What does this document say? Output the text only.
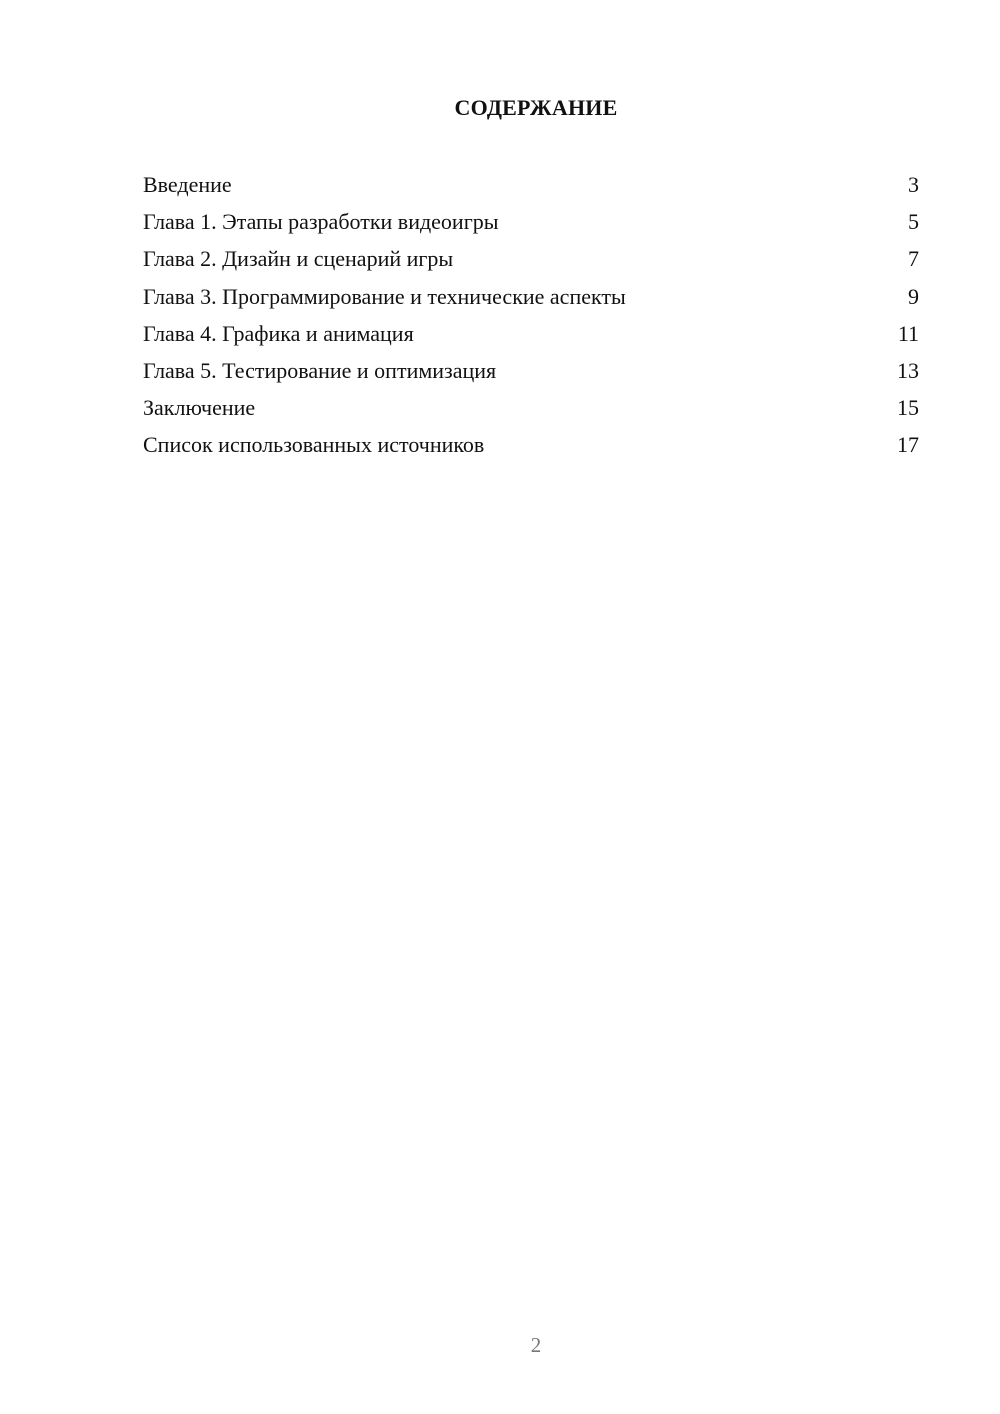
СОДЕРЖАНИЕ
Введение	3
Глава 1. Этапы разработки видеоигры	5
Глава 2. Дизайн и сценарий игры	7
Глава 3. Программирование и технические аспекты	9
Глава 4. Графика и анимация	11
Глава 5. Тестирование и оптимизация	13
Заключение	15
Список использованных источников	17
2
